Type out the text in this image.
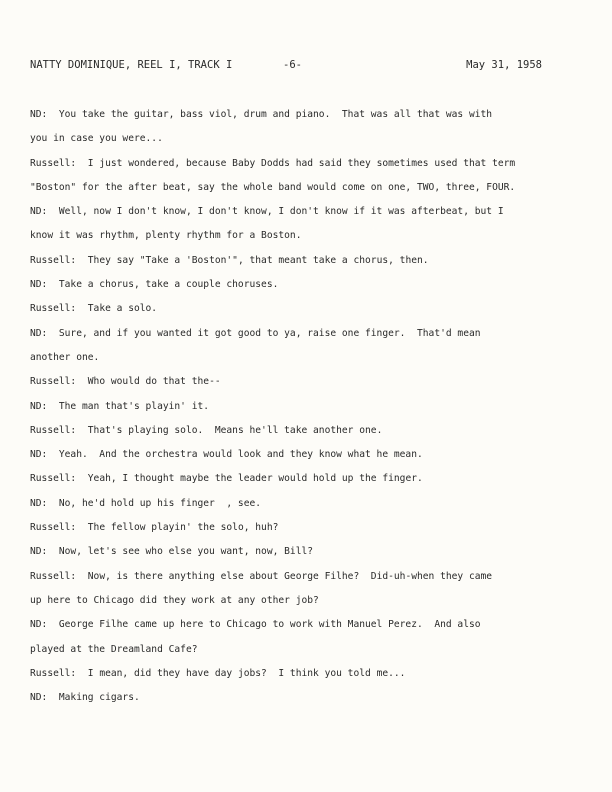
NATTY DOMINIQUE, REEL I, TRACK I	-6-	May 31, 1958
ND:  You take the guitar, bass viol, drum and piano.  That was all that was with
you in case you were...
Russell:  I just wondered, because Baby Dodds had said they sometimes used that term
"Boston" for the after beat, say the whole band would come on one, TWO, three, FOUR.
ND:  Well, now I don't know, I don't know, I don't know if it was afterbeat, but I
know it was rhythm, plenty rhythm for a Boston.
Russell:  They say "Take a 'Boston'", that meant take a chorus, then.
ND:  Take a chorus, take a couple choruses.
Russell:  Take a solo.
ND:  Sure, and if you wanted it got good to ya, raise one finger.  That'd mean
another one.
Russell:  Who would do that the--
ND:  The man that's playin' it.
Russell:  That's playing solo.  Means he'll take another one.
ND:  Yeah.  And the orchestra would look and they know what he mean.
Russell:  Yeah, I thought maybe the leader would hold up the finger.
ND:  No, he'd hold up his finger  , see.
Russell:  The fellow playin' the solo, huh?
ND:  Now, let's see who else you want, now, Bill?
Russell:  Now, is there anything else about George Filhe?  Did-uh-when they came
up here to Chicago did they work at any other job?
ND:  George Filhe came up here to Chicago to work with Manuel Perez.  And also
played at the Dreamland Cafe?
Russell:  I mean, did they have day jobs?  I think you told me...
ND:  Making cigars.
